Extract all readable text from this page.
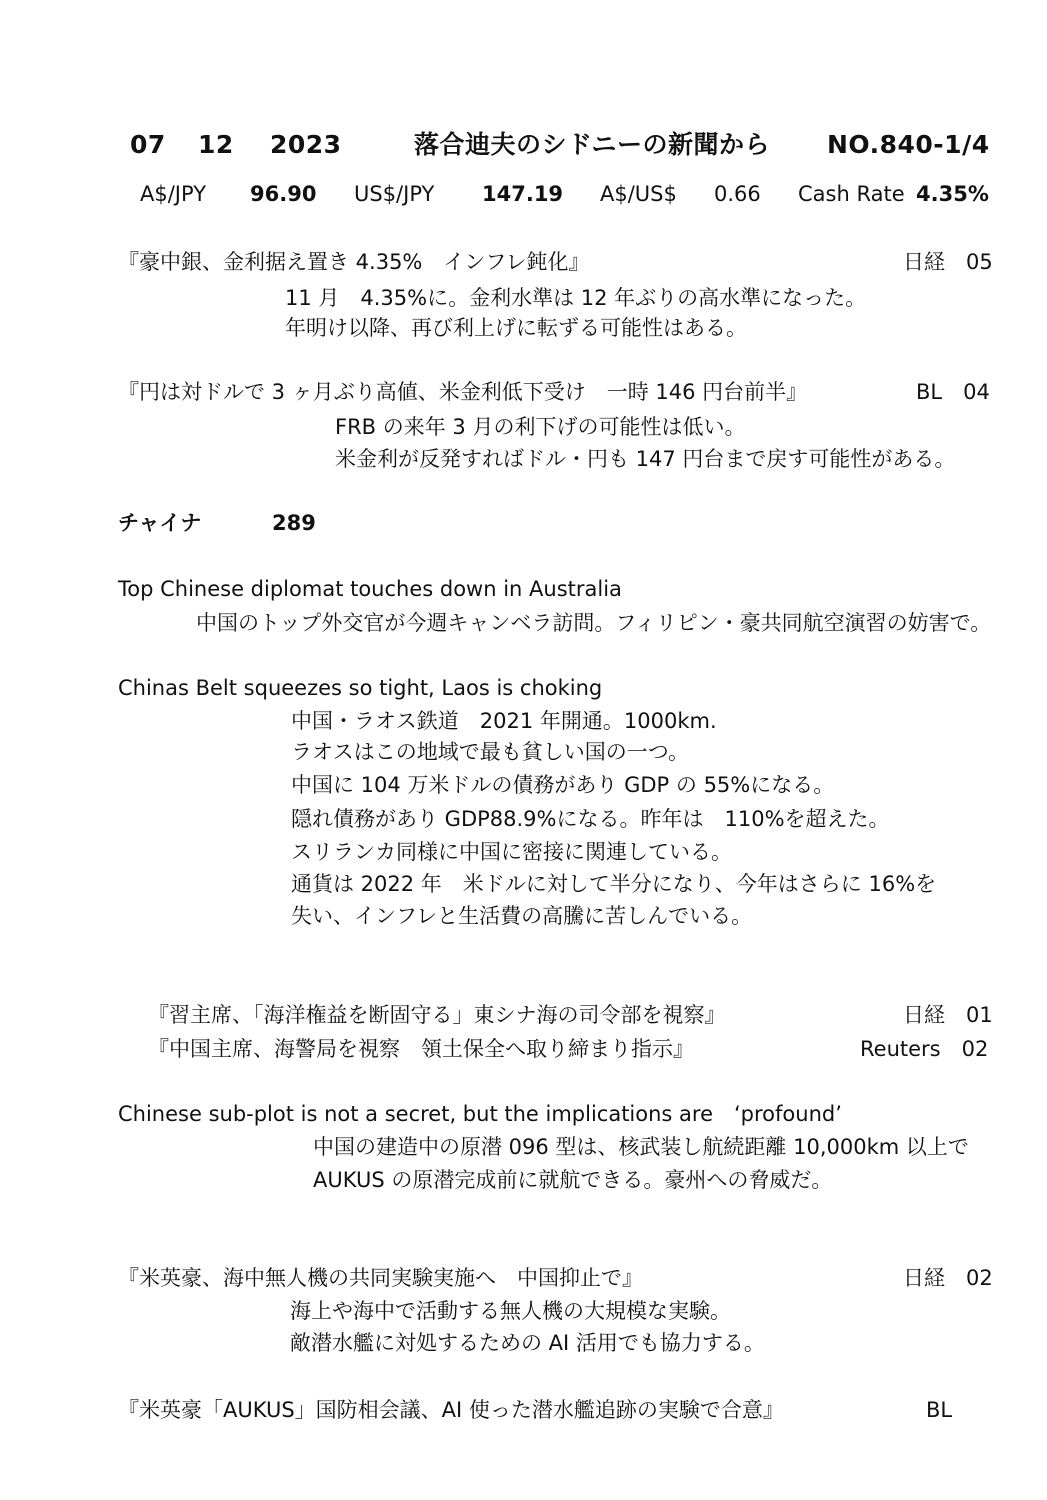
07 12 2023	落合迪夫のシドニーの新聞から NO.840-1/4
A$/JPY 96.90 US$/JPY 147.19 A$/US$ 0.66 Cash Rate 4.35%
『豪中銀、金利据え置き 4.35%　インフレ鈍化』	日経　05
11 月　4.35%に。金利水準は 12 年ぶりの高水準になった。
年明け以降、再び利上げに転ずる可能性はある。
『円は対ドルで 3 ヶ月ぶり高値、米金利低下受け　一時 146 円台前半』	BL　04
FRB の来年 3 月の利下げの可能性は低い。
米金利が反発すればドル・円も 147 円台まで戻す可能性がある。
チャイナ	289
Top Chinese diplomat touches down in Australia
中国のトップ外交官が今週キャンベラ訪問。フィリピン・豪共同航空演習の妨害で。
Chinas Belt squeezes so tight, Laos is choking
中国・ラオス鉄道　2021 年開通。1000km.
ラオスはこの地域で最も貧しい国の一つ。
中国に 104 万米ドルの債務があり GDP の 55%になる。
隠れ債務があり GDP88.9%になる。昨年は　110%を超えた。
スリランカ同様に中国に密接に関連している。
通貨は 2022 年　米ドルに対して半分になり、今年はさらに 16%を
失い、インフレと生活費の高騰に苦しんでいる。
『習主席、「海洋権益を断固守る」東シナ海の司令部を視察』	日経　01
『中国主席、海警局を視察　領土保全へ取り締まり指示』	Reuters　02
Chinese sub-plot is not a secret, but the implications are　‘profound’
中国の建造中の原潜 096 型は、核武装し航続距離 10,000km 以上で
AUKUS の原潜完成前に就航できる。豪州への脅威だ。
『米英豪、海中無人機の共同実験実施へ　中国抑止で』	日経　02
海上や海中で活動する無人機の大規模な実験。
敵潜水艦に対処するための AI 活用でも協力する。
『米英豪「AUKUS」国防相会議、AI 使った潜水艦追跡の実験で合意』	BL
